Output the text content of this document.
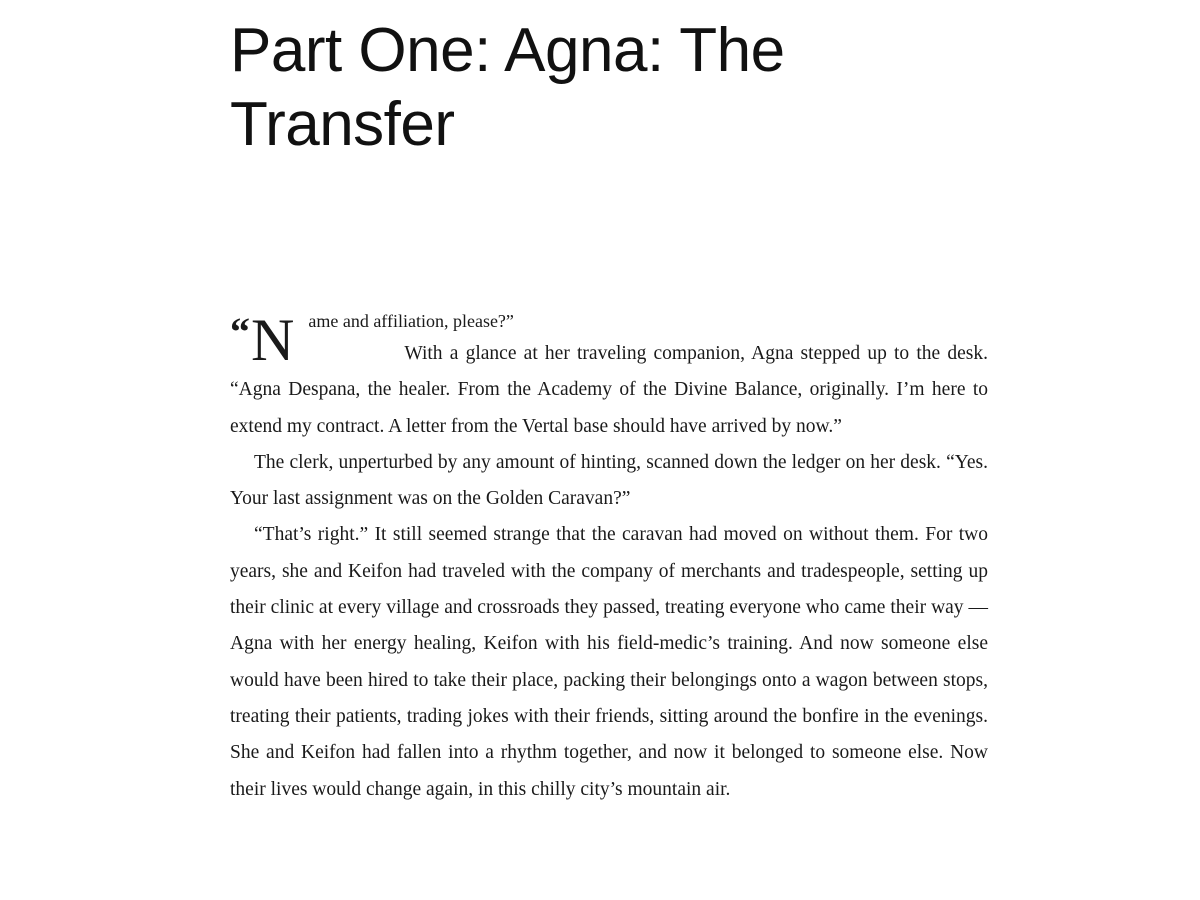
Part One: Agna: The Transfer
“ N ame and affiliation, please?”

With a glance at her traveling companion, Agna stepped up to the desk. “Agna Despana, the healer. From the Academy of the Divine Balance, originally. I’m here to extend my contract. A letter from the Vertal base should have arrived by now.”

The clerk, unperturbed by any amount of hinting, scanned down the ledger on her desk. “Yes. Your last assignment was on the Golden Caravan?”

“That’s right.” It still seemed strange that the caravan had moved on without them. For two years, she and Keifon had traveled with the company of merchants and tradespeople, setting up their clinic at every village and crossroads they passed, treating everyone who came their way — Agna with her energy healing, Keifon with his field-medic’s training. And now someone else would have been hired to take their place, packing their belongings onto a wagon between stops, treating their patients, trading jokes with their friends, sitting around the bonfire in the evenings. She and Keifon had fallen into a rhythm together, and now it belonged to someone else. Now their lives would change again, in this chilly city’s mountain air.
